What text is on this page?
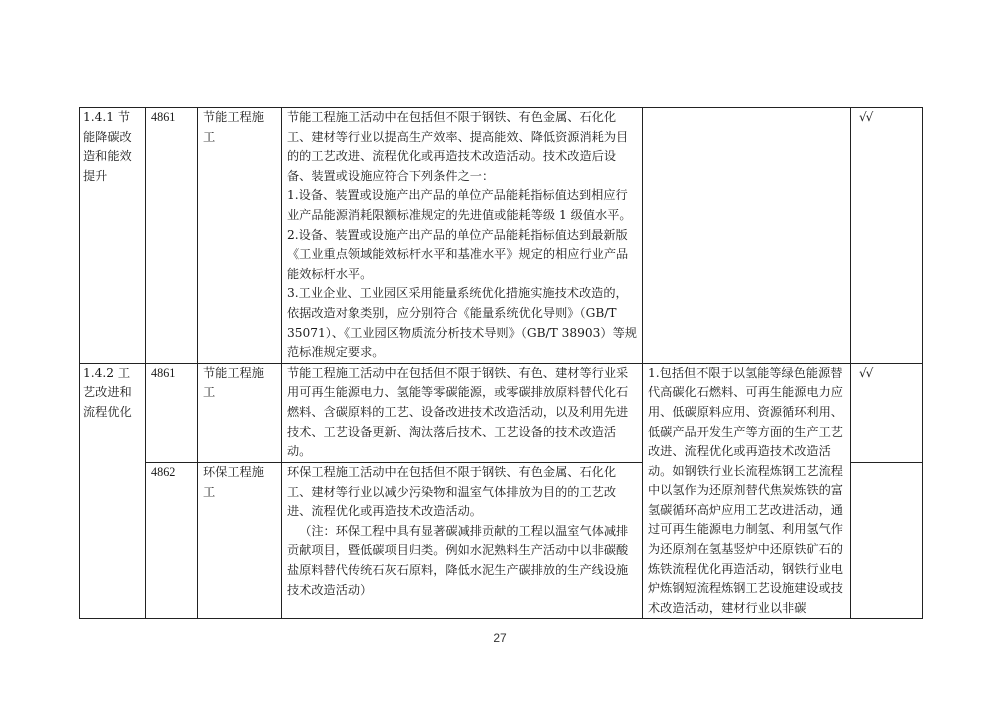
1.4.1 节能降碳改造和能效提升	4861	节能工程施工	节能工程施工活动中在包括但不限于钢铁、有色金属、石化化工、建材等行业以提高生产效率、提高能效、降低资源消耗为目的的工艺改进、流程优化或再造技术改造活动。技术改造后设备、装置或设施应符合下列条件之一：

1.设备、装置或设施产出产品的单位产品能耗指标值达到相应行业产品能源消耗限额标准规定的先进值或能耗等级 1 级值水平。

2.设备、装置或设施产出产品的单位产品能耗指标值达到最新版《工业重点领域能效标杆水平和基准水平》规定的相应行业产品能效标杆水平。

3.工业企业、工业园区采用能量系统优化措施实施技术改造的，依据改造对象类别，应分别符合《能量系统优化导则》（GB/T 35071）、《工业园区物质流分析技术导则》（GB/T 38903）等规范标准规定要求。		√√
1.4.2 工艺改进和流程优化	4861	节能工程施工	节能工程施工活动中在包括但不限于钢铁、有色、建材等行业采用可再生能源电力、氢能等零碳能源，或零碳排放原料替代化石燃料、含碳原料的工艺、设备改进技术改造活动，以及利用先进技术、工艺设备更新、淘汰落后技术、工艺设备的技术改造活动。	1.包括但不限于以氢能等绿色能源替代高碳化石燃料、可再生能源电力应用、低碳原料应用、资源循环利用、低碳产品开发生产等方面的生产工艺改进、流程优化或再造技术改造活动。如钢铁行业长流程炼钢工艺流程中以氢作为还原剂替代焦炭炼铁的富氢碳循环高炉应用工艺改进活动，通过可再生能源电力制氢、利用氢气作为还原剂在氢基竖炉中还原铁矿石的炼铁流程优化再造活动，钢铁行业电炉炼钢短流程炼钢工艺设施建设或技术改造活动，建材行业以非碳	√√
	4862	环保工程施工	环保工程施工活动中在包括但不限于钢铁、有色金属、石化化工、建材等行业以减少污染物和温室气体排放为目的的工艺改进、流程优化或再造技术改造活动。

（注：环保工程中具有显著碳减排贡献的工程以温室气体减排贡献项目，暨低碳项目归类。例如水泥熟料生产活动中以非碳酸盐原料替代传统石灰石原料，降低水泥生产碳排放的生产线设施技术改造活动）		

27
